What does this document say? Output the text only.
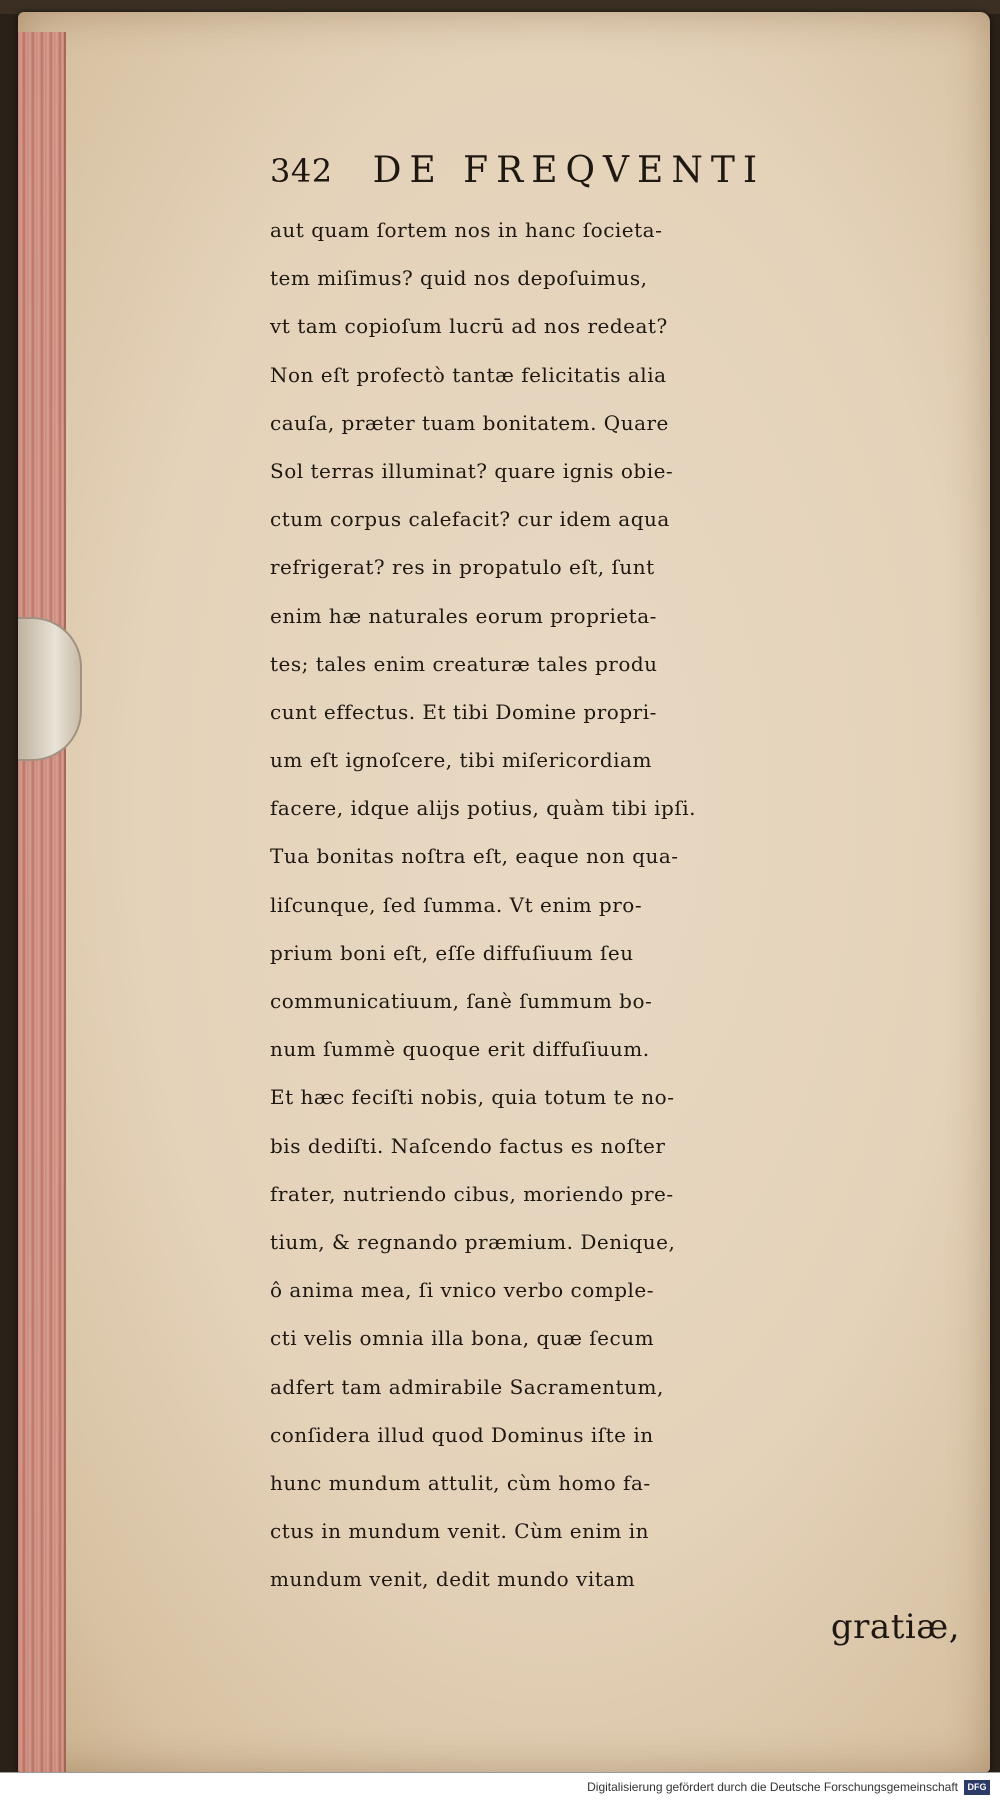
342 DE FREQVENTI
aut quam ſortem nos in hanc ſocieta-
tem miſimus? quid nos depoſuimus,
vt tam copioſum lucrū ad nos redeat?
Non eſt profectò tantæ felicitatis alia
cauſa, præter tuam bonitatem. Quare
Sol terras illuminat? quare ignis obie-
ctum corpus calefacit? cur idem aqua
refrigerat? res in propatulo eſt, ſunt
enim hæ naturales eorum proprieta-
tes; tales enim creaturæ tales produ
cunt effectus. Et tibi Domine propri-
um eſt ignoſcere, tibi miſericordiam
facere, idque alijs potius, quàm tibi ipſi.
Tua bonitas noſtra eſt, eaque non qua-
liſcunque, ſed ſumma. Vt enim pro-
prium boni eſt, eſſe diffuſiuum ſeu
communicatiuum, ſanè ſummum bo-
num ſummè quoque erit diffuſiuum.
Et hæc feciſti nobis, quia totum te no-
bis dediſti. Naſcendo factus es noſter
frater, nutriendo cibus, moriendo pre-
tium, & regnando præmium. Denique,
ô anima mea, ſi vnico verbo comple-
cti velis omnia illa bona, quæ ſecum
adfert tam admirabile Sacramentum,
conſidera illud quod Dominus iſte in
hunc mundum attulit, cùm homo fa-
ctus in mundum venit. Cùm enim in
mundum venit, dedit mundo vitam
gratiæ,
Digitalisierung gefördert durch die Deutsche Forschungsgemeinschaft	DFG
